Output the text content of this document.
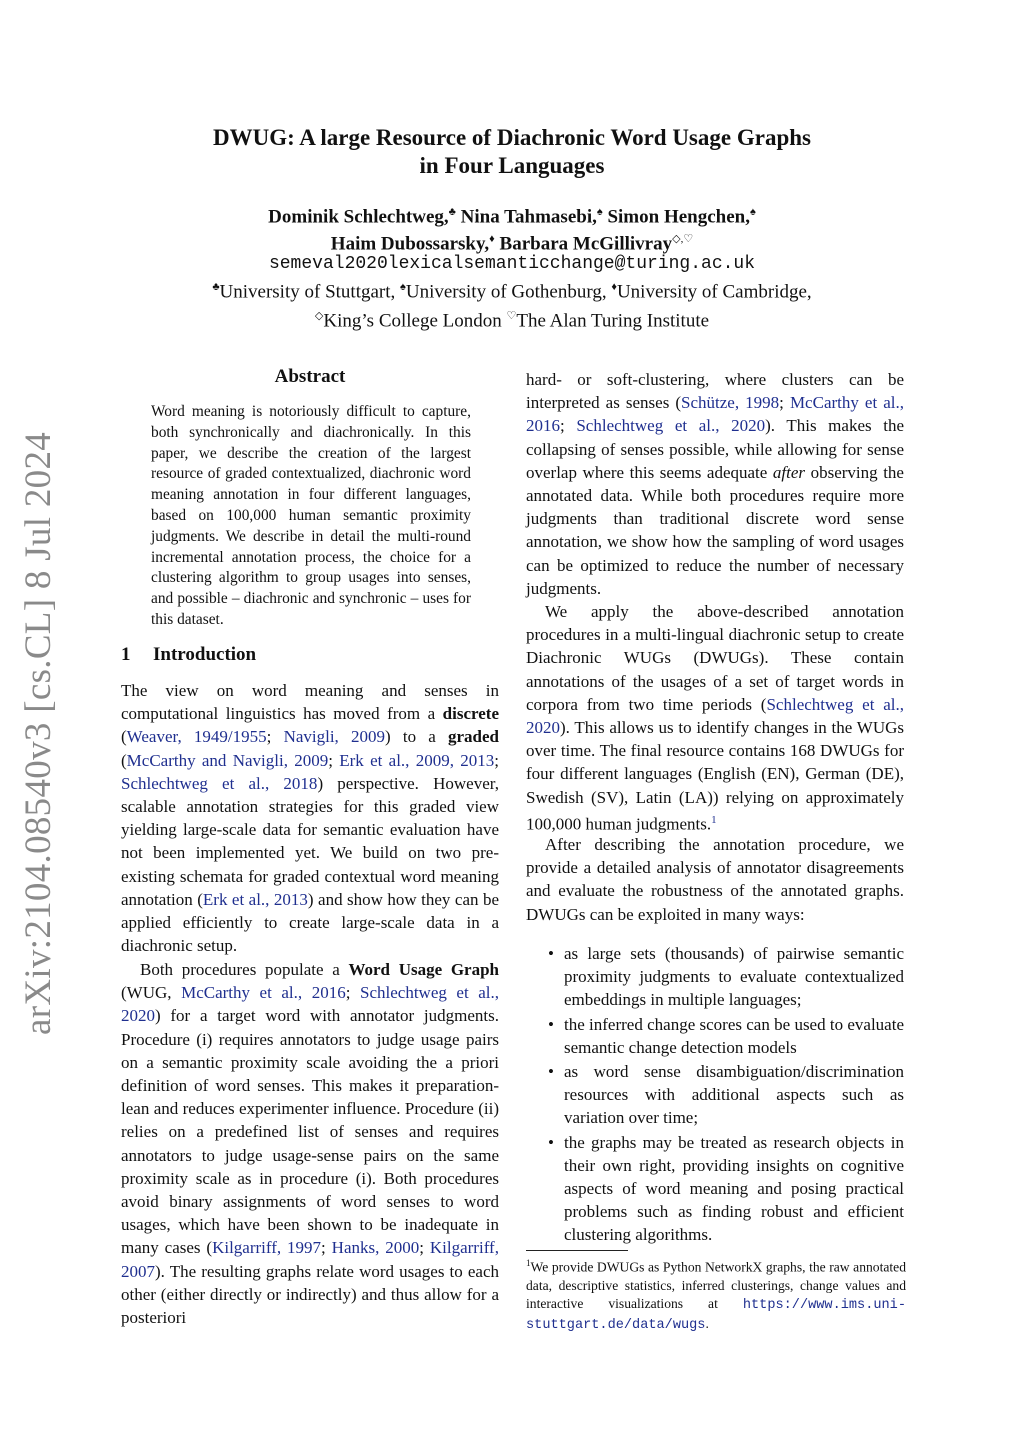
arXiv:2104.08540v3 [cs.CL] 8 Jul 2024
DWUG: A large Resource of Diachronic Word Usage Graphs
in Four Languages
Dominik Schlechtweg,♣ Nina Tahmasebi,♠ Simon Hengchen,♠
Haim Dubossarsky,♦ Barbara McGillivray◇,♡
semeval2020lexicalsemanticchange@turing.ac.uk
♣University of Stuttgart, ♠University of Gothenburg, ♦University of Cambridge,
◇King’s College London ♡The Alan Turing Institute
Abstract
Word meaning is notoriously difficult to capture, both synchronically and diachronically. In this paper, we describe the creation of the largest resource of graded contextualized, diachronic word meaning annotation in four different languages, based on 100,000 human semantic proximity judgments. We describe in detail the multi-round incremental annotation process, the choice for a clustering algorithm to group usages into senses, and possible – diachronic and synchronic – uses for this dataset.
1 Introduction

The view on word meaning and senses in computational linguistics has moved from a discrete (Weaver, 1949/1955; Navigli, 2009) to a graded (McCarthy and Navigli, 2009; Erk et al., 2009, 2013; Schlechtweg et al., 2018) perspective. However, scalable annotation strategies for this graded view yielding large-scale data for semantic evaluation have not been implemented yet. We build on two pre-existing schemata for graded contextual word meaning annotation (Erk et al., 2013) and show how they can be applied efficiently to create large-scale data in a diachronic setup.

Both procedures populate a Word Usage Graph (WUG, McCarthy et al., 2016; Schlechtweg et al., 2020) for a target word with annotator judgments. Procedure (i) requires annotators to judge usage pairs on a semantic proximity scale avoiding the a priori definition of word senses. This makes it preparation-lean and reduces experimenter influence. Procedure (ii) relies on a predefined list of senses and requires annotators to judge usage-sense pairs on the same proximity scale as in procedure (i). Both procedures avoid binary assignments of word senses to word usages, which have been shown to be inadequate in many cases (Kilgarriff, 1997; Hanks, 2000; Kilgarriff, 2007). The resulting graphs relate word usages to each other (either directly or indirectly) and thus allow for a posteriori

hard- or soft-clustering, where clusters can be interpreted as senses (Schütze, 1998; McCarthy et al., 2016; Schlechtweg et al., 2020). This makes the collapsing of senses possible, while allowing for sense overlap where this seems adequate after observing the annotated data. While both procedures require more judgments than traditional discrete word sense annotation, we show how the sampling of word usages can be optimized to reduce the number of necessary judgments.

We apply the above-described annotation procedures in a multi-lingual diachronic setup to create Diachronic WUGs (DWUGs). These contain annotations of the usages of a set of target words in corpora from two time periods (Schlechtweg et al., 2020). This allows us to identify changes in the WUGs over time. The final resource contains 168 DWUGs for four different languages (English (EN), German (DE), Swedish (SV), Latin (LA)) relying on approximately 100,000 human judgments.$^1$

After describing the annotation procedure, we provide a detailed analysis of annotator disagreements and evaluate the robustness of the annotated graphs. DWUGs can be exploited in many ways:

• as large sets (thousands) of pairwise semantic proximity judgments to evaluate contextualized embeddings in multiple languages;
• the inferred change scores can be used to evaluate semantic change detection models
• as word sense disambiguation/discrimination resources with additional aspects such as variation over time;
• the graphs may be treated as research objects in their own right, providing insights on cognitive aspects of word meaning and posing practical problems such as finding robust and efficient clustering algorithms.
$^1$We provide DWUGs as Python NetworkX graphs, the raw annotated data, descriptive statistics, inferred clusterings, change values and interactive visualizations at https://www.ims.uni-stuttgart.de/data/wugs.
